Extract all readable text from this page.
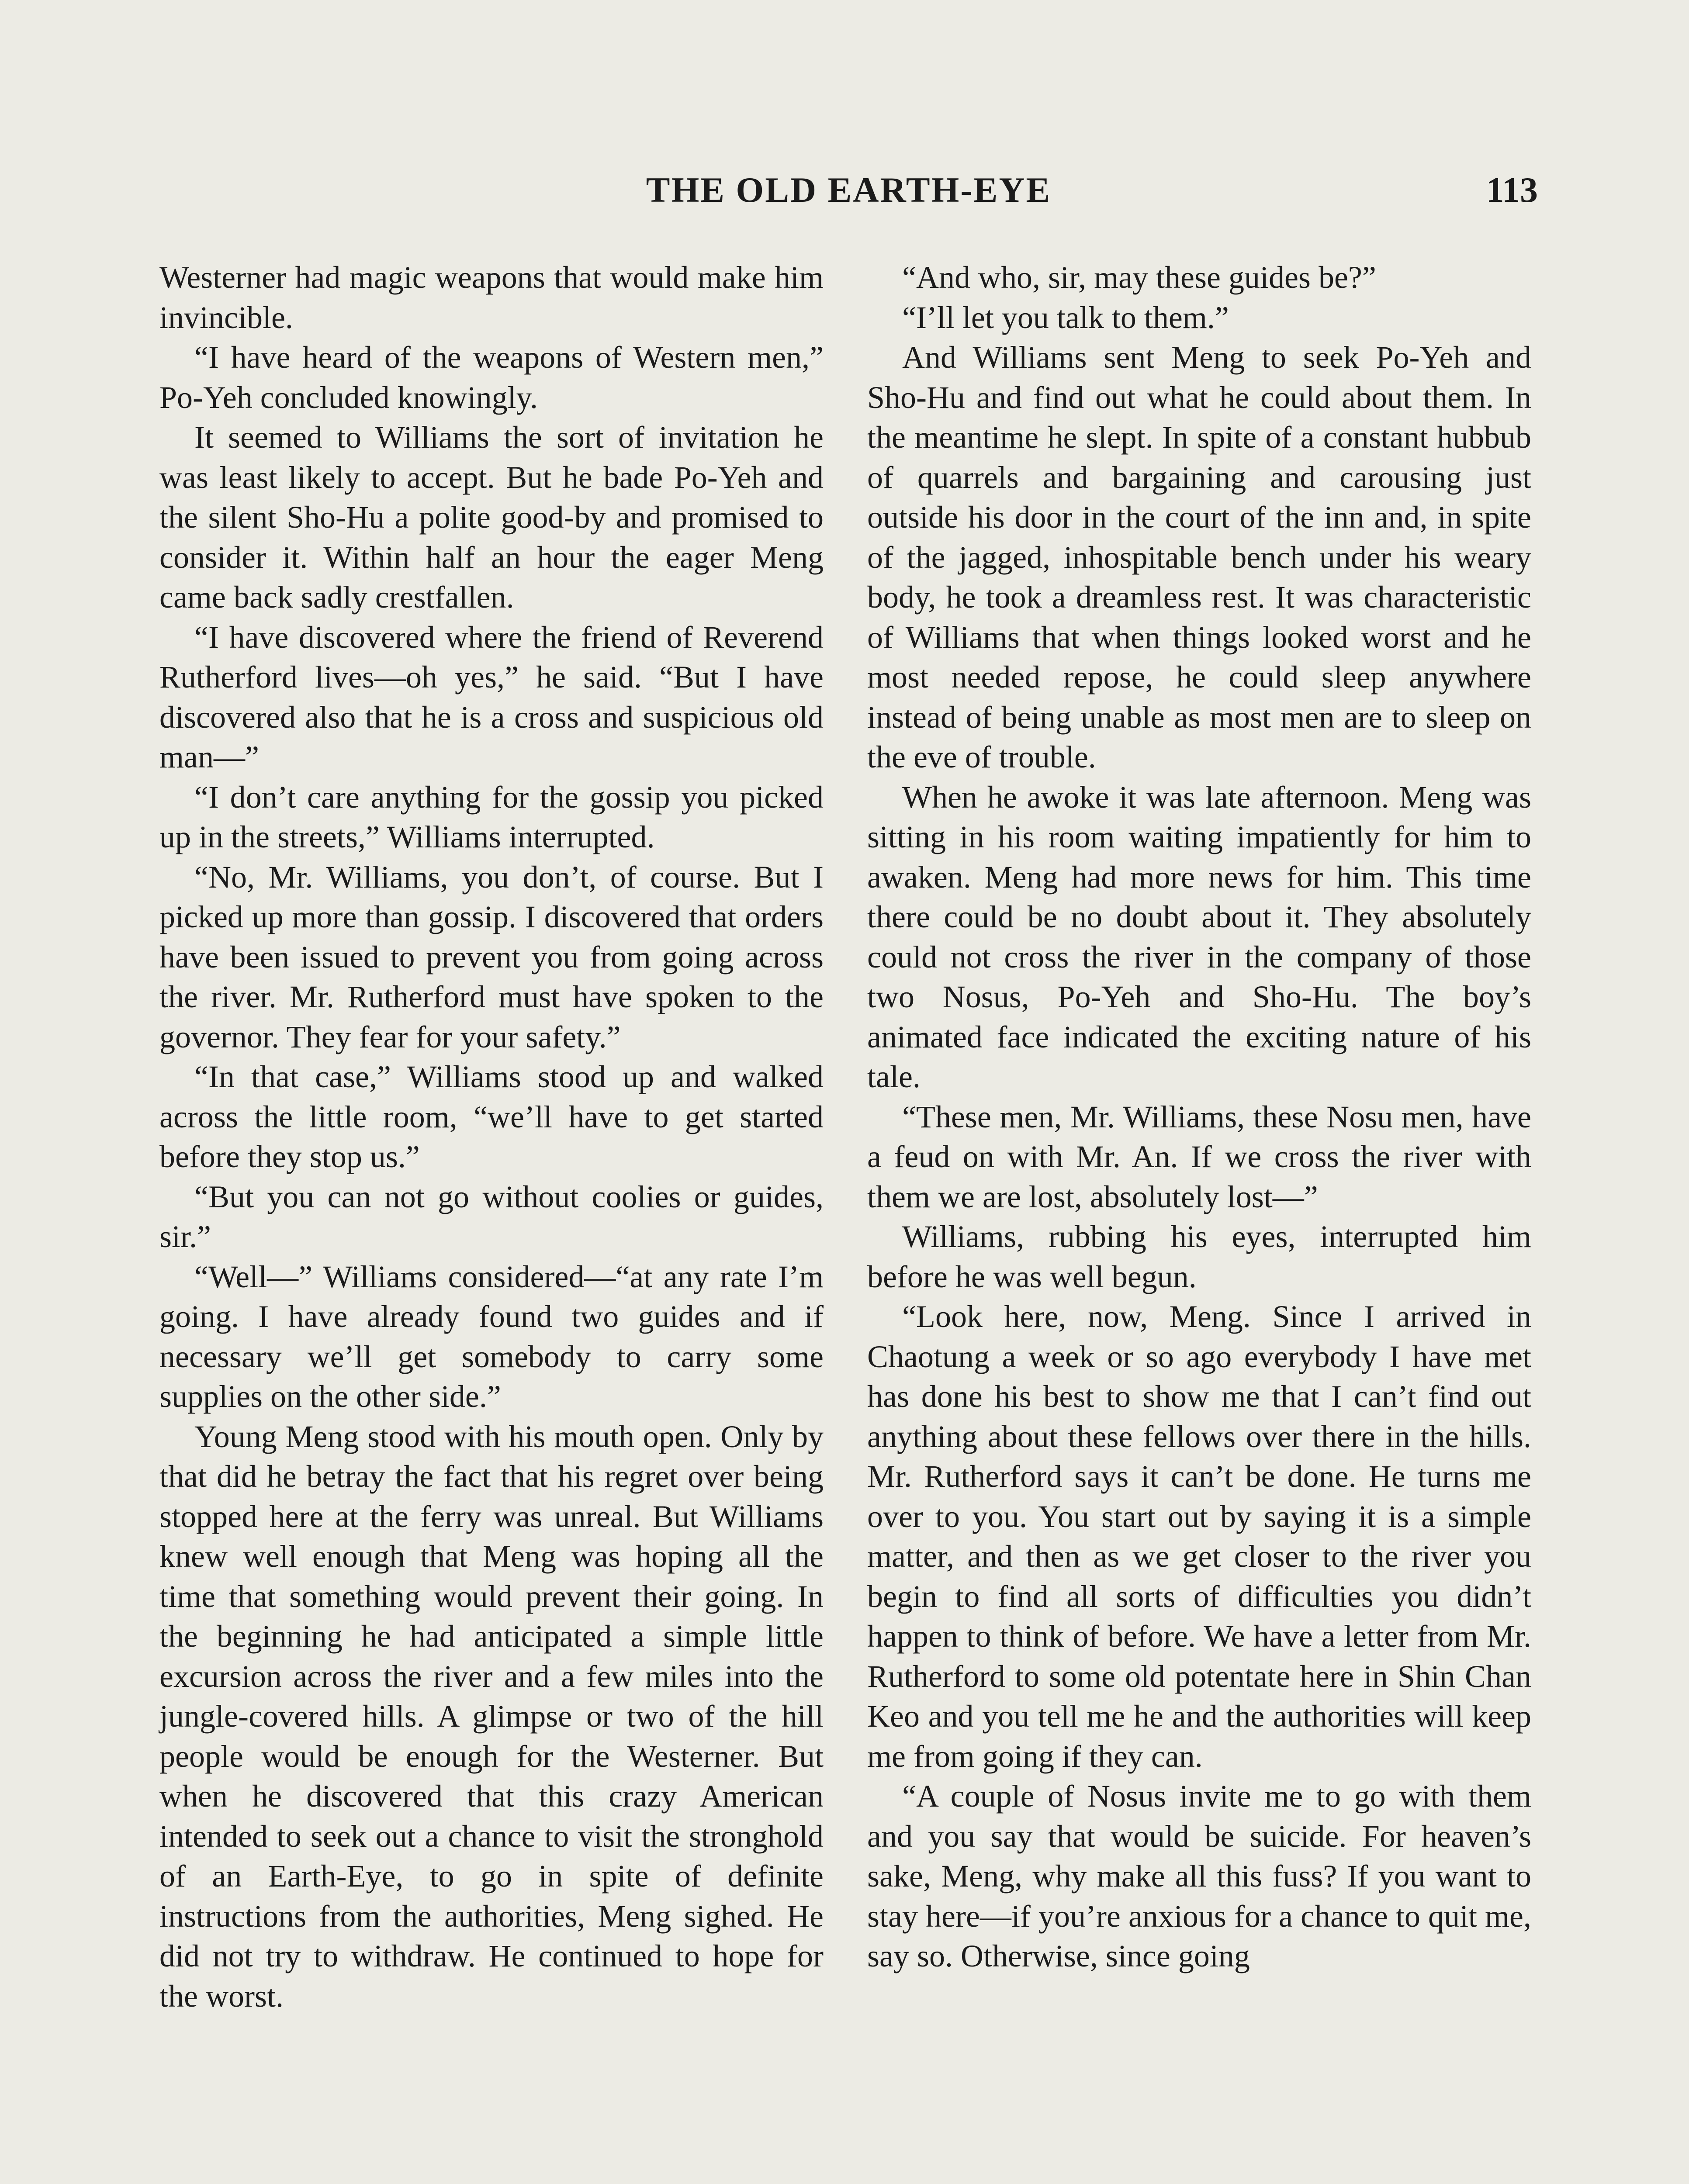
THE OLD EARTH-EYE	113

Westerner had magic weapons that would make him invincible.

“I have heard of the weapons of Western men,” Po-Yeh concluded knowingly.

It seemed to Williams the sort of invitation he was least likely to accept. But he bade Po-Yeh and the silent Sho-Hu a polite good-by and promised to consider it. Within half an hour the eager Meng came back sadly crestfallen.

“I have discovered where the friend of Reverend Rutherford lives—oh yes,” he said. “But I have discovered also that he is a cross and suspicious old man—”

“I don’t care anything for the gossip you picked up in the streets,” Williams interrupted.

“No, Mr. Williams, you don’t, of course. But I picked up more than gossip. I discovered that orders have been issued to prevent you from going across the river. Mr. Rutherford must have spoken to the governor. They fear for your safety.”

“In that case,” Williams stood up and walked across the little room, “we’ll have to get started before they stop us.”

“But you can not go without coolies or guides, sir.”

“Well—” Williams considered—“at any rate I’m going. I have already found two guides and if necessary we’ll get somebody to carry some supplies on the other side.”

Young Meng stood with his mouth open. Only by that did he betray the fact that his regret over being stopped here at the ferry was unreal. But Williams knew well enough that Meng was hoping all the time that something would prevent their going. In the beginning he had anticipated a simple little excursion across the river and a few miles into the jungle-covered hills. A glimpse or two of the hill people would be enough for the Westerner. But when he discovered that this crazy American intended to seek out a chance to visit the stronghold of an Earth-Eye, to go in spite of definite instructions from the authorities, Meng sighed. He did not try to withdraw. He continued to hope for the worst.

“And who, sir, may these guides be?”

“I’ll let you talk to them.”

And Williams sent Meng to seek Po-Yeh and Sho-Hu and find out what he could about them. In the meantime he slept. In spite of a constant hubbub of quarrels and bargaining and carousing just outside his door in the court of the inn and, in spite of the jagged, inhospitable bench under his weary body, he took a dreamless rest. It was characteristic of Williams that when things looked worst and he most needed repose, he could sleep anywhere instead of being unable as most men are to sleep on the eve of trouble.

When he awoke it was late afternoon. Meng was sitting in his room waiting impatiently for him to awaken. Meng had more news for him. This time there could be no doubt about it. They absolutely could not cross the river in the company of those two Nosus, Po-Yeh and Sho-Hu. The boy’s animated face indicated the exciting nature of his tale.

“These men, Mr. Williams, these Nosu men, have a feud on with Mr. An. If we cross the river with them we are lost, absolutely lost—”

Williams, rubbing his eyes, interrupted him before he was well begun.

“Look here, now, Meng. Since I arrived in Chaotung a week or so ago everybody I have met has done his best to show me that I can’t find out anything about these fellows over there in the hills. Mr. Rutherford says it can’t be done. He turns me over to you. You start out by saying it is a simple matter, and then as we get closer to the river you begin to find all sorts of difficulties you didn’t happen to think of before. We have a letter from Mr. Rutherford to some old potentate here in Shin Chan Keo and you tell me he and the authorities will keep me from going if they can.

“A couple of Nosus invite me to go with them and you say that would be suicide. For heaven’s sake, Meng, why make all this fuss? If you want to stay here—if you’re anxious for a chance to quit me, say so. Otherwise, since going
